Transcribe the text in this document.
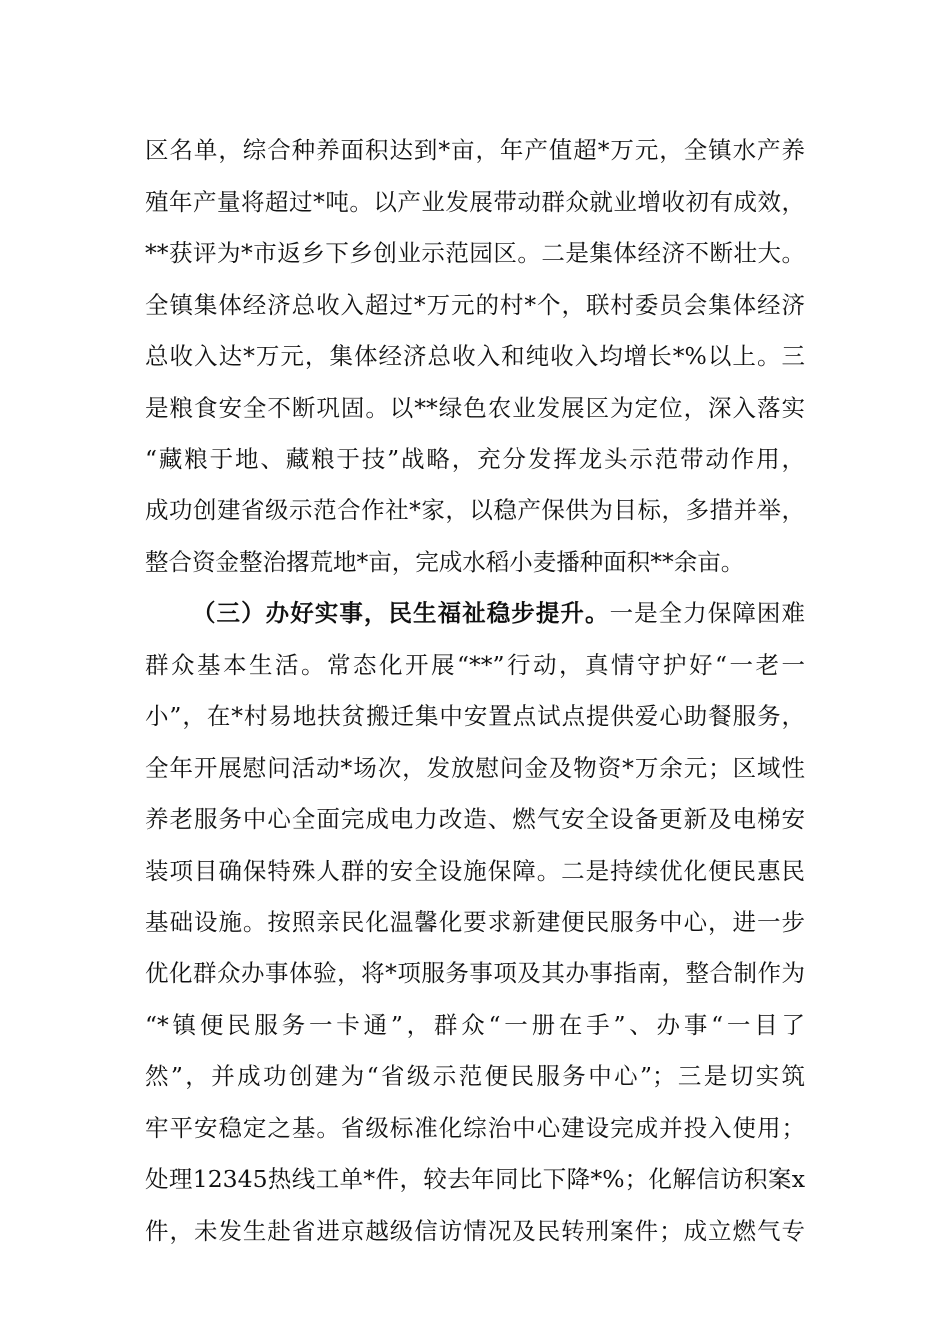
区名单，综合种养面积达到*亩，年产值超*万元，全镇水产养
殖年产量将超过*吨。以产业发展带动群众就业增收初有成效，
**获评为*市返乡下乡创业示范园区。二是集体经济不断壮大。
全镇集体经济总收入超过*万元的村*个，联村委员会集体经济
总收入达*万元，集体经济总收入和纯收入均增长*%以上。三
是粮食安全不断巩固。以**绿色农业发展区为定位，深入落实
“藏粮于地、藏粮于技”战略，充分发挥龙头示范带动作用，
成功创建省级示范合作社*家，以稳产保供为目标，多措并举，
整合资金整治撂荒地*亩，完成水稻小麦播种面积**余亩。
（三）办好实事，民生福祉稳步提升。一是全力保障困难
群众基本生活。常态化开展“**”行动，真情守护好“一老一
小”，在*村易地扶贫搬迁集中安置点试点提供爱心助餐服务，
全年开展慰问活动*场次，发放慰问金及物资*万余元；区域性
养老服务中心全面完成电力改造、燃气安全设备更新及电梯安
装项目确保特殊人群的安全设施保障。二是持续优化便民惠民
基础设施。按照亲民化温馨化要求新建便民服务中心，进一步
优化群众办事体验，将*项服务事项及其办事指南，整合制作为
“*镇便民服务一卡通”，群众“一册在手”、办事“一目了
然”，并成功创建为“省级示范便民服务中心”；三是切实筑
牢平安稳定之基。省级标准化综治中心建设完成并投入使用；
处理12345热线工单*件，较去年同比下降*%；化解信访积案x
件，未发生赴省进京越级信访情况及民转刑案件；成立燃气专
